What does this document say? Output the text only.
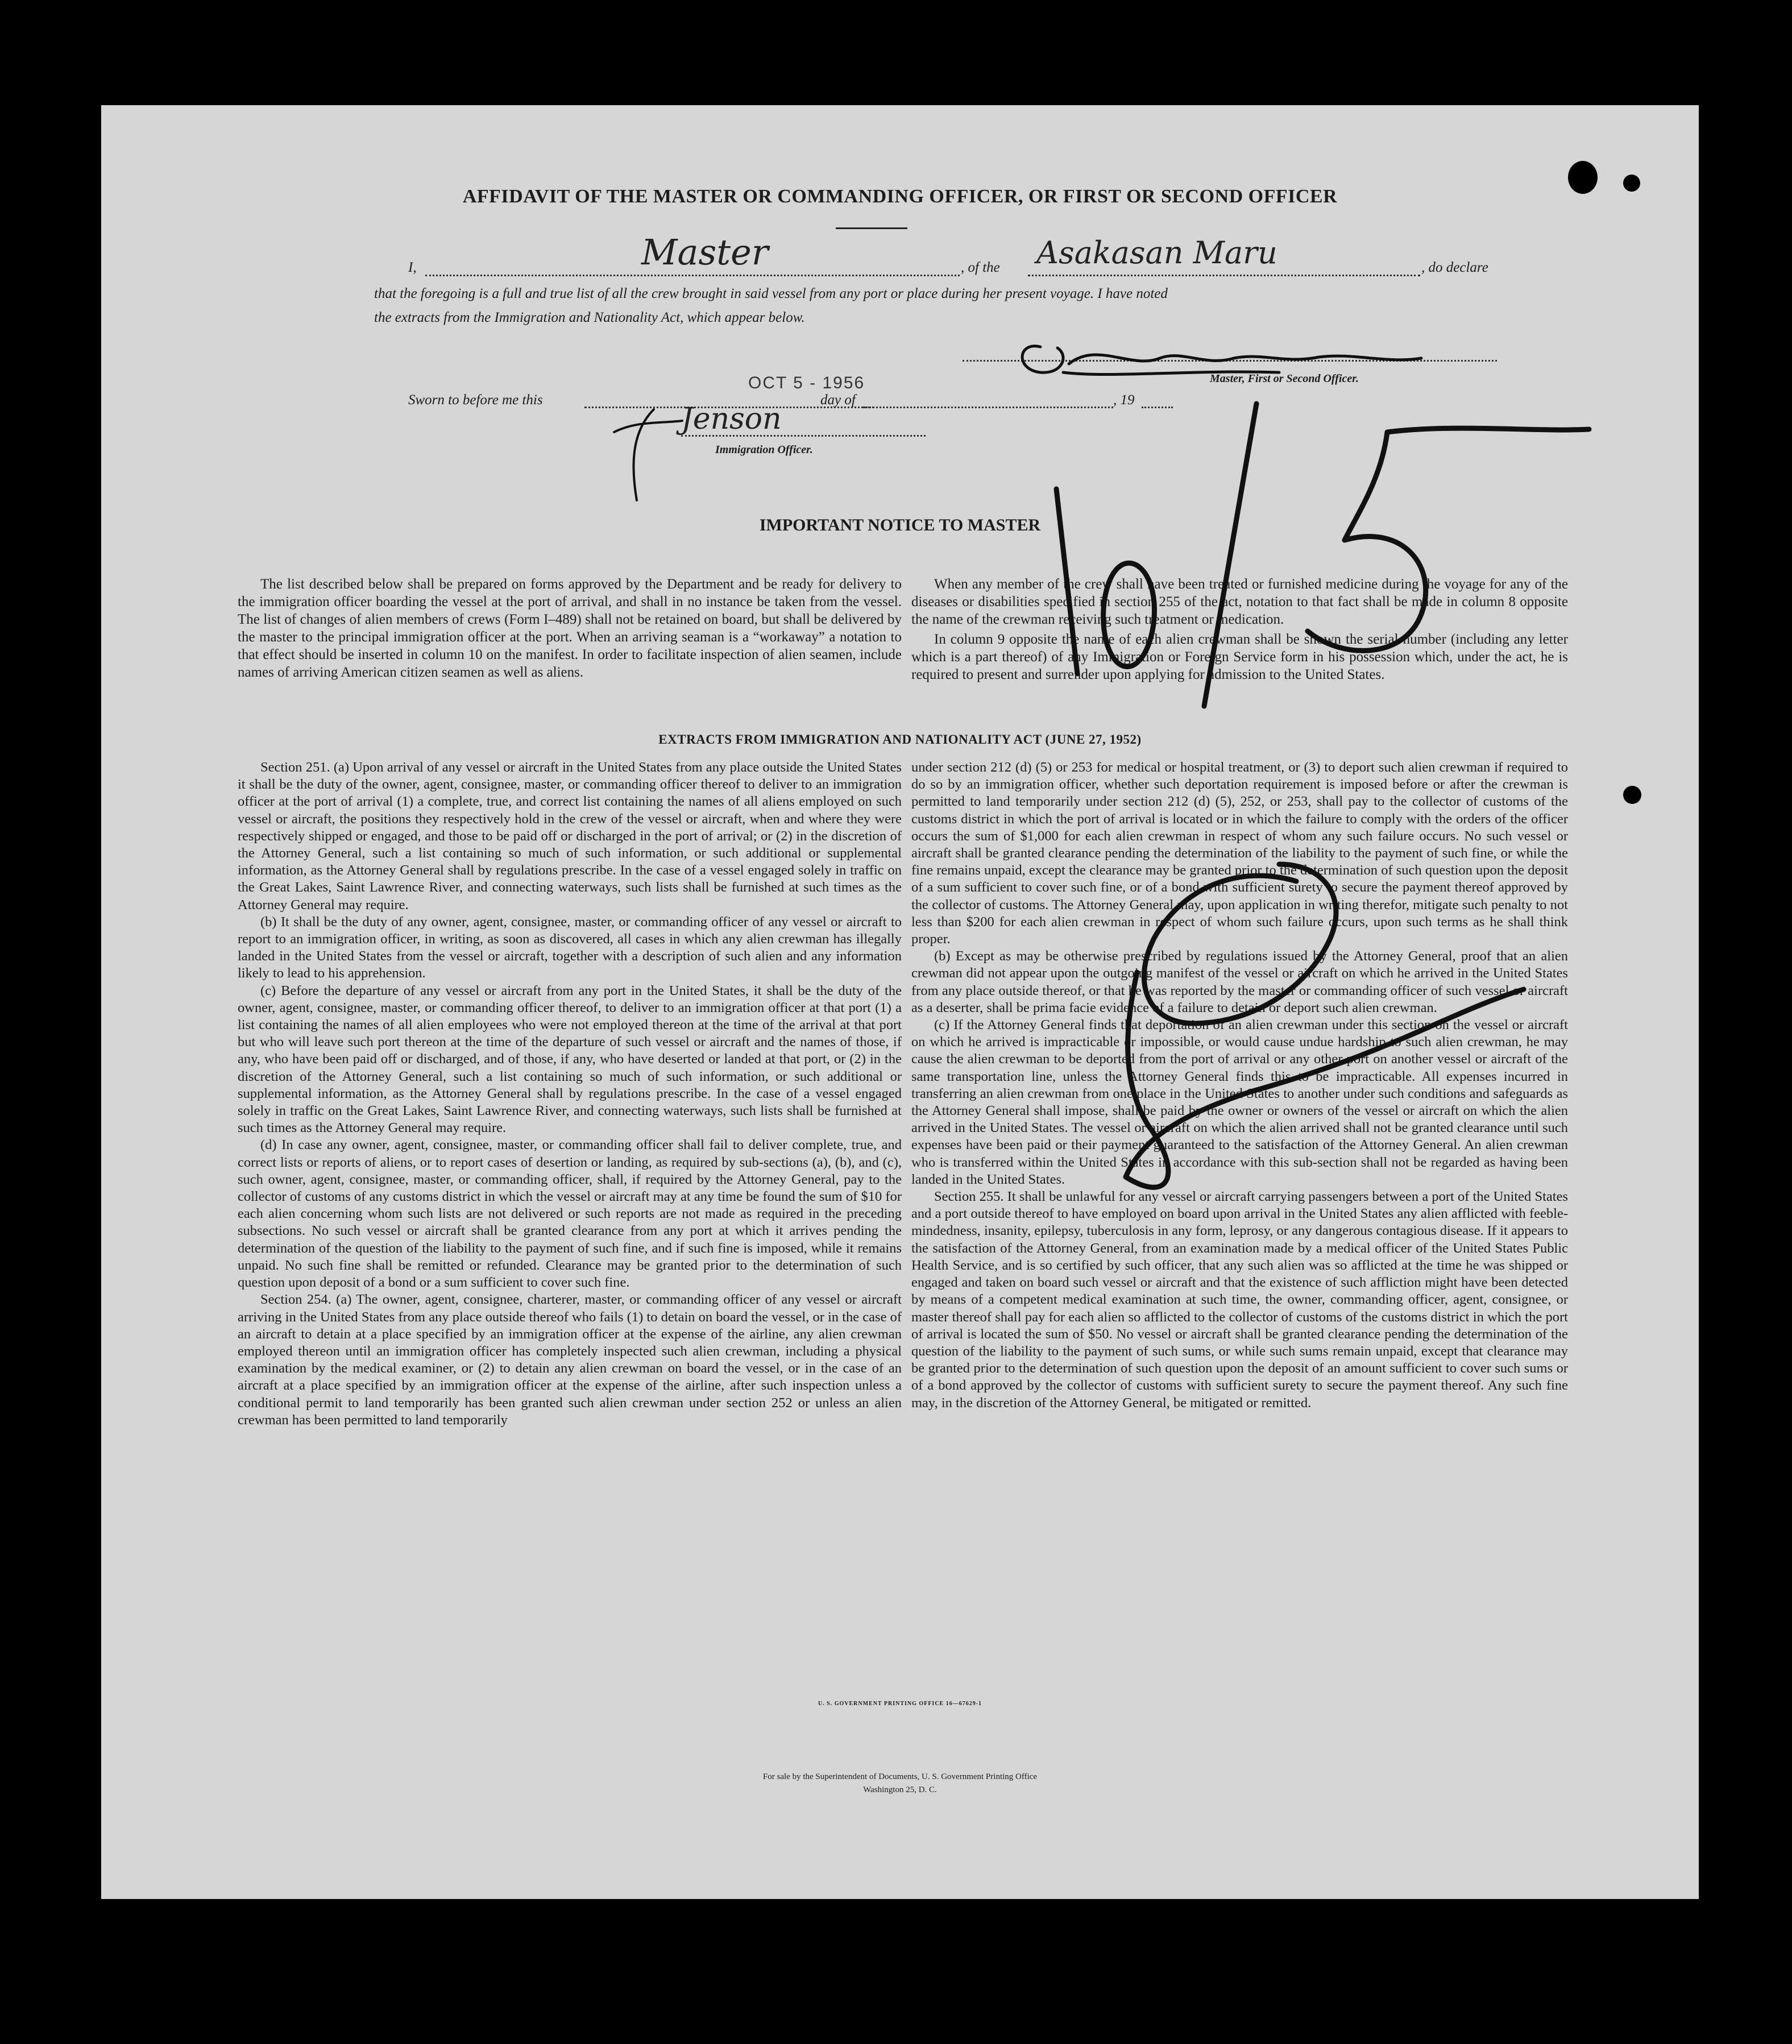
AFFIDAVIT OF THE MASTER OR COMMANDING OFFICER, OR FIRST OR SECOND OFFICER
I,	Master	, of the Asakasan Maru	, do declare
that the foregoing is a full and true list of all the crew brought in said vessel from any port or place during her present voyage. I have noted
the extracts from the Immigration and Nationality Act, which appear below.
Master, First or Second Officer.
Sworn to before me this
OCT 5 - 1956
day of	, 19
Jenson
Immigration Officer.
IMPORTANT NOTICE TO MASTER

The list described below shall be prepared on forms approved by the Department and be ready for delivery to the immigration officer boarding the vessel at the port of arrival, and shall in no instance be taken from the vessel. The list of changes of alien members of crews (Form I–489) shall not be retained on board, but shall be delivered by the master to the principal immigration officer at the port. When an arriving seaman is a “workaway” a notation to that effect should be inserted in column 10 on the manifest. In order to facilitate inspection of alien seamen, include names of arriving American citizen seamen as well as aliens.

When any member of the crew shall have been treated or furnished medicine during the voyage for any of the diseases or disabilities specified in section 255 of the act, notation to that fact shall be made in column 8 opposite the name of the crewman receiving such treatment or medication.

In column 9 opposite the name of each alien crewman shall be shown the serial number (including any letter which is a part thereof) of any Immigration or Foreign Service form in his possession which, under the act, he is required to present and surrender upon applying for admission to the United States.

EXTRACTS FROM IMMIGRATION AND NATIONALITY ACT (JUNE 27, 1952)

Section 251. (a) Upon arrival of any vessel or aircraft in the United States from any place outside the United States it shall be the duty of the owner, agent, consignee, master, or commanding officer thereof to deliver to an immigration officer at the port of arrival (1) a complete, true, and correct list containing the names of all aliens employed on such vessel or aircraft, the positions they respectively hold in the crew of the vessel or aircraft, when and where they were respectively shipped or engaged, and those to be paid off or discharged in the port of arrival; or (2) in the discretion of the Attorney General, such a list containing so much of such information, or such additional or supplemental information, as the Attorney General shall by regulations prescribe. In the case of a vessel engaged solely in traffic on the Great Lakes, Saint Lawrence River, and connecting waterways, such lists shall be furnished at such times as the Attorney General may require.

(b) It shall be the duty of any owner, agent, consignee, master, or commanding officer of any vessel or aircraft to report to an immigration officer, in writing, as soon as discovered, all cases in which any alien crewman has illegally landed in the United States from the vessel or aircraft, together with a description of such alien and any information likely to lead to his apprehension.

(c) Before the departure of any vessel or aircraft from any port in the United States, it shall be the duty of the owner, agent, consignee, master, or commanding officer thereof, to deliver to an immigration officer at that port (1) a list containing the names of all alien employees who were not employed thereon at the time of the arrival at that port but who will leave such port thereon at the time of the departure of such vessel or aircraft and the names of those, if any, who have been paid off or discharged, and of those, if any, who have deserted or landed at that port, or (2) in the discretion of the Attorney General, such a list containing so much of such information, or such additional or supplemental information, as the Attorney General shall by regulations prescribe. In the case of a vessel engaged solely in traffic on the Great Lakes, Saint Lawrence River, and connecting waterways, such lists shall be furnished at such times as the Attorney General may require.

(d) In case any owner, agent, consignee, master, or commanding officer shall fail to deliver complete, true, and correct lists or reports of aliens, or to report cases of desertion or landing, as required by sub-sections (a), (b), and (c), such owner, agent, consignee, master, or commanding officer, shall, if required by the Attorney General, pay to the collector of customs of any customs district in which the vessel or aircraft may at any time be found the sum of $10 for each alien concerning whom such lists are not delivered or such reports are not made as required in the preceding subsections. No such vessel or aircraft shall be granted clearance from any port at which it arrives pending the determination of the question of the liability to the payment of such fine, and if such fine is imposed, while it remains unpaid. No such fine shall be remitted or refunded. Clearance may be granted prior to the determination of such question upon deposit of a bond or a sum sufficient to cover such fine.

Section 254. (a) The owner, agent, consignee, charterer, master, or commanding officer of any vessel or aircraft arriving in the United States from any place outside thereof who fails (1) to detain on board the vessel, or in the case of an aircraft to detain at a place specified by an immigration officer at the expense of the airline, any alien crewman employed thereon until an immigration officer has completely inspected such alien crewman, including a physical examination by the medical examiner, or (2) to detain any alien crewman on board the vessel, or in the case of an aircraft at a place specified by an immigration officer at the expense of the airline, after such inspection unless a conditional permit to land temporarily has been granted such alien crewman under section 252 or unless an alien crewman has been permitted to land temporarily

under section 212 (d) (5) or 253 for medical or hospital treatment, or (3) to deport such alien crewman if required to do so by an immigration officer, whether such deportation requirement is imposed before or after the crewman is permitted to land temporarily under section 212 (d) (5), 252, or 253, shall pay to the collector of customs of the customs district in which the port of arrival is located or in which the failure to comply with the orders of the officer occurs the sum of $1,000 for each alien crewman in respect of whom any such failure occurs. No such vessel or aircraft shall be granted clearance pending the determination of the liability to the payment of such fine, or while the fine remains unpaid, except the clearance may be granted prior to the determination of such question upon the deposit of a sum sufficient to cover such fine, or of a bond with sufficient surety to secure the payment thereof approved by the collector of customs. The Attorney General may, upon application in writing therefor, mitigate such penalty to not less than $200 for each alien crewman in respect of whom such failure occurs, upon such terms as he shall think proper.

(b) Except as may be otherwise prescribed by regulations issued by the Attorney General, proof that an alien crewman did not appear upon the outgoing manifest of the vessel or aircraft on which he arrived in the United States from any place outside thereof, or that he was reported by the master or commanding officer of such vessel or aircraft as a deserter, shall be prima facie evidence of a failure to detain or deport such alien crewman.

(c) If the Attorney General finds that deportation of an alien crewman under this section on the vessel or aircraft on which he arrived is impracticable or impossible, or would cause undue hardship to such alien crewman, he may cause the alien crewman to be deported from the port of arrival or any other port on another vessel or aircraft of the same transportation line, unless the Attorney General finds this to be impracticable. All expenses incurred in transferring an alien crewman from one place in the United States to another under such conditions and safeguards as the Attorney General shall impose, shall be paid by the owner or owners of the vessel or aircraft on which the alien arrived in the United States. The vessel or aircraft on which the alien arrived shall not be granted clearance until such expenses have been paid or their payment guaranteed to the satisfaction of the Attorney General. An alien crewman who is transferred within the United States in accordance with this sub-section shall not be regarded as having been landed in the United States.

Section 255. It shall be unlawful for any vessel or aircraft carrying passengers between a port of the United States and a port outside thereof to have employed on board upon arrival in the United States any alien afflicted with feeble-mindedness, insanity, epilepsy, tuberculosis in any form, leprosy, or any dangerous contagious disease. If it appears to the satisfaction of the Attorney General, from an examination made by a medical officer of the United States Public Health Service, and is so certified by such officer, that any such alien was so afflicted at the time he was shipped or engaged and taken on board such vessel or aircraft and that the existence of such affliction might have been detected by means of a competent medical examination at such time, the owner, commanding officer, agent, consignee, or master thereof shall pay for each alien so afflicted to the collector of customs of the customs district in which the port of arrival is located the sum of $50. No vessel or aircraft shall be granted clearance pending the determination of the question of the liability to the payment of such sums, or while such sums remain unpaid, except that clearance may be granted prior to the determination of such question upon the deposit of an amount sufficient to cover such sums or of a bond approved by the collector of customs with sufficient surety to secure the payment thereof. Any such fine may, in the discretion of the Attorney General, be mitigated or remitted.

U. S. GOVERNMENT PRINTING OFFICE 16—67629-1
For sale by the Superintendent of Documents, U. S. Government Printing Office
Washington 25, D. C.
